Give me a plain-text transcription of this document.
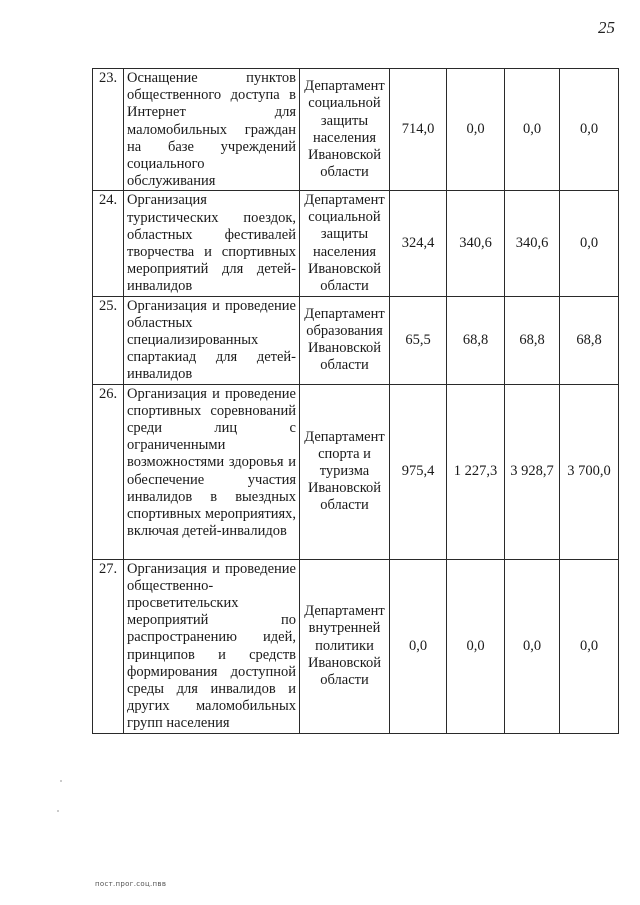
25
23.	Оснащение пунктов общественного доступа в Интернет для маломобильных граждан на базе учреждений социального обслуживания	Департамент социальной защиты населения Ивановской области	714,0	0,0	0,0	0,0
24.	Организация туристических поездок, областных фестивалей творчества и спортивных мероприятий для детей-инвалидов	Департамент социальной защиты населения Ивановской области	324,4	340,6	340,6	0,0
25.	Организация и проведение областных специализированных спартакиад для детей-инвалидов	Департамент образования Ивановской области	65,5	68,8	68,8	68,8
26.	Организация и проведение спортивных соревнований среди лиц с ограниченными возможностями здоровья и обеспечение участия инвалидов в выездных спортивных мероприятиях, включая детей-инвалидов	Департамент спорта и туризма Ивановской области	975,4	1 227,3	3 928,7	3 700,0
27.	Организация и проведение общественно-просветительских мероприятий по распространению идей, принципов и средств формирования доступной среды для инвалидов и других маломобильных групп населения	Департамент внутренней политики Ивановской области	0,0	0,0	0,0	0,0
пост.прог.соц.пвв
